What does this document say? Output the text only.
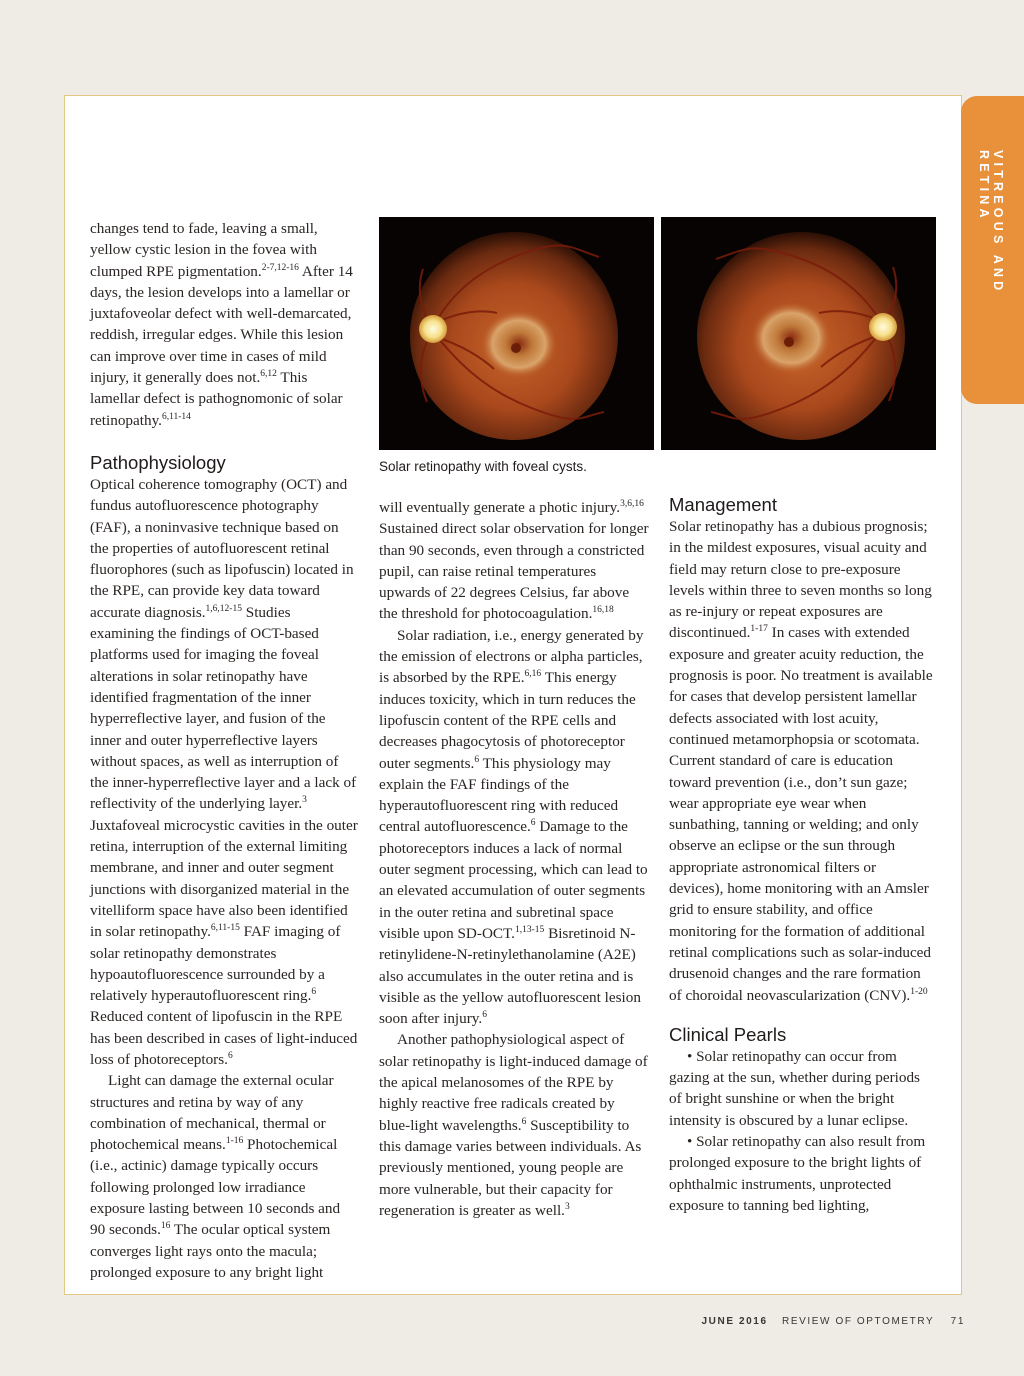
VITREOUS AND RETINA

changes tend to fade, leaving a small, yellow cystic lesion in the fovea with clumped RPE pigmentation.$^{2-7,12-16}$ After 14 days, the lesion develops into a lamellar or juxtafoveolar defect with well-demarcated, reddish, irregular edges. While this lesion can improve over time in cases of mild injury, it generally does not.$^{6,12}$ This lamellar defect is pathognomonic of solar retinopathy.$^{6,11-14}$

Pathophysiology

Optical coherence tomography (OCT) and fundus autofluorescence photography (FAF), a noninvasive technique based on the properties of autofluorescent retinal fluorophores (such as lipofuscin) located in the RPE, can provide key data toward accurate diagnosis.$^{1,6,12-15}$ Studies examining the findings of OCT-based platforms used for imaging the foveal alterations in solar retinopathy have identified fragmentation of the inner hyperreflective layer, and fusion of the inner and outer hyperreflective layers without spaces, as well as interruption of the inner-hyperreflective layer and a lack of reflectivity of the underlying layer.$^3$ Juxtafoveal microcystic cavities in the outer retina, interruption of the external limiting membrane, and inner and outer segment junctions with disorganized material in the vitelliform space have also been identified in solar retinopathy.$^{6,11-15}$ FAF imaging of solar retinopathy demonstrates hypoautofluorescence surrounded by a relatively hyperautofluorescent ring.$^6$ Reduced content of lipofuscin in the RPE has been described in cases of light-induced loss of photoreceptors.$^6$

Light can damage the external ocular structures and retina by way of any combination of mechanical, thermal or photochemical means.$^{1-16}$ Photochemical (i.e., actinic) damage typically occurs following prolonged low irradiance exposure lasting between 10 seconds and 90 seconds.$^{16}$ The ocular optical system converges light rays onto the macula; prolonged exposure to any bright light

Solar retinopathy with foveal cysts.

will eventually generate a photic injury.$^{3,6,16}$ Sustained direct solar observation for longer than 90 seconds, even through a constricted pupil, can raise retinal temperatures upwards of 22 degrees Celsius, far above the threshold for photocoagulation.$^{16,18}$

Solar radiation, i.e., energy generated by the emission of electrons or alpha particles, is absorbed by the RPE.$^{6,16}$ This energy induces toxicity, which in turn reduces the lipofuscin content of the RPE cells and decreases phagocytosis of photoreceptor outer segments.$^6$ This physiology may explain the FAF findings of the hyperautofluorescent ring with reduced central autofluorescence.$^6$ Damage to the photoreceptors induces a lack of normal outer segment processing, which can lead to an elevated accumulation of outer segments in the outer retina and subretinal space visible upon SD-OCT.$^{1,13-15}$ Bisretinoid N-retinylidene-N-retinylethanolamine (A2E) also accumulates in the outer retina and is visible as the yellow autofluorescent lesion soon after injury.$^6$

Another pathophysiological aspect of solar retinopathy is light-induced damage of the apical melanosomes of the RPE by highly reactive free radicals created by blue-light wavelengths.$^6$ Susceptibility to this damage varies between individuals. As previously mentioned, young people are more vulnerable, but their capacity for regeneration is greater as well.$^3$

Management

Solar retinopathy has a dubious prognosis; in the mildest exposures, visual acuity and field may return close to pre-exposure levels within three to seven months so long as re-injury or repeat exposures are discontinued.$^{1-17}$ In cases with extended exposure and greater acuity reduction, the prognosis is poor. No treatment is available for cases that develop persistent lamellar defects associated with lost acuity, continued metamorphopsia or scotomata. Current standard of care is education toward prevention (i.e., don’t sun gaze; wear appropriate eye wear when sunbathing, tanning or welding; and only observe an eclipse or the sun through appropriate astronomical filters or devices), home monitoring with an Amsler grid to ensure stability, and office monitoring for the formation of additional retinal complications such as solar-induced drusenoid changes and the rare formation of choroidal neovascularization (CNV).$^{1-20}$

Clinical Pearls

• Solar retinopathy can occur from gazing at the sun, whether during periods of bright sunshine or when the bright intensity is obscured by a lunar eclipse.

• Solar retinopathy can also result from prolonged exposure to the bright lights of ophthalmic instruments, unprotected exposure to tanning bed lighting,

JUNE 2016 REVIEW OF OPTOMETRY 71
